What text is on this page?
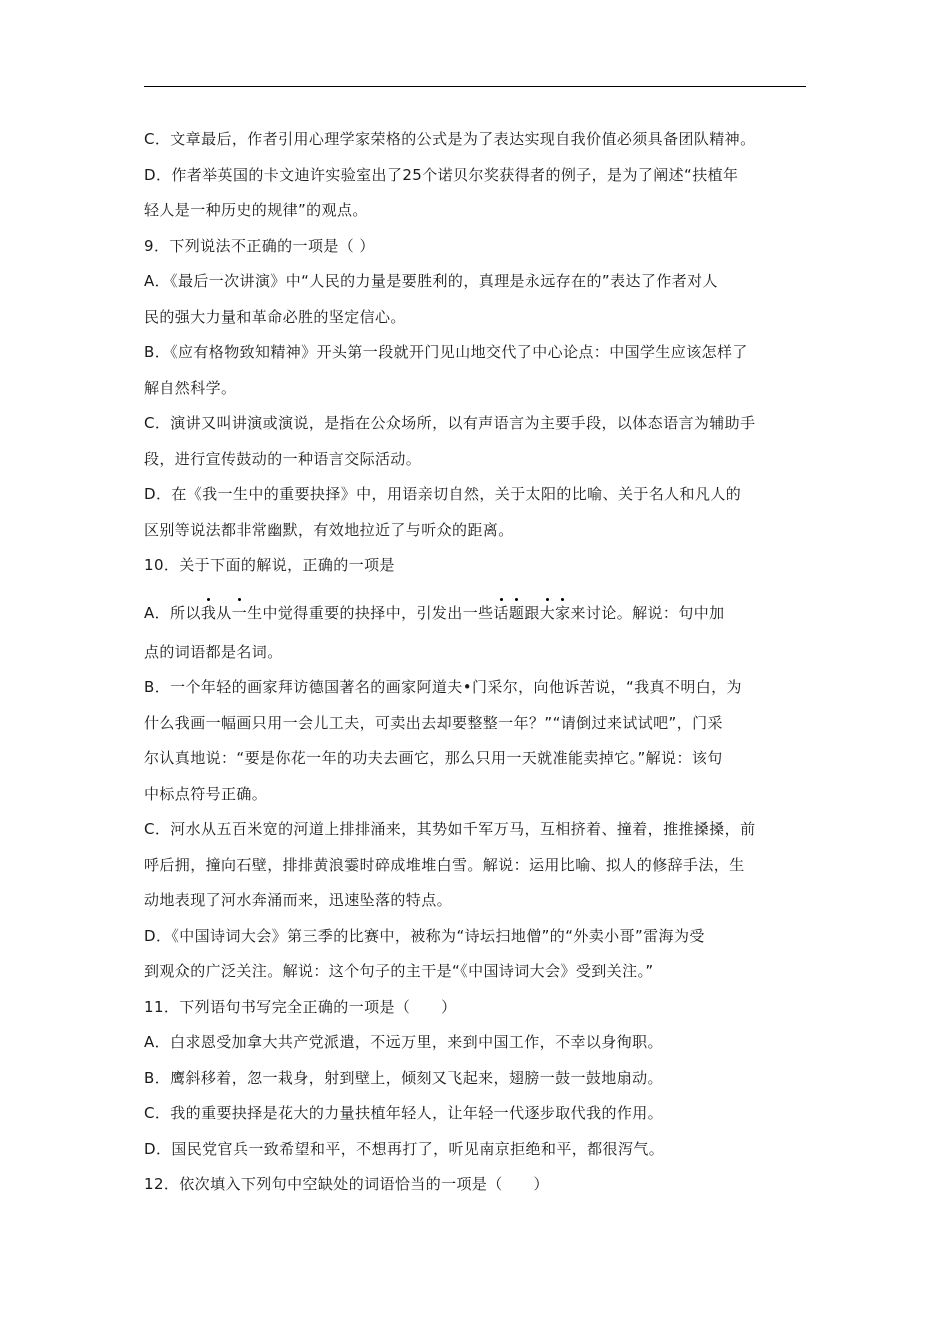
C．文章最后，作者引用心理学家荣格的公式是为了表达实现自我价值必须具备团队精神。
D．作者举英国的卡文迪许实验室出了25个诺贝尔奖获得者的例子，是为了阐述“扶植年
轻人是一种历史的规律”的观点。
9．下列说法不正确的一项是（ ）
A．《最后一次讲演》中“人民的力量是要胜利的，真理是永远存在的”表达了作者对人
民的强大力量和革命必胜的坚定信心。
B．《应有格物致知精神》开头第一段就开门见山地交代了中心论点：中国学生应该怎样了
解自然科学。
C．演讲又叫讲演或演说，是指在公众场所，以有声语言为主要手段，以体态语言为辅助手
段，进行宣传鼓动的一种语言交际活动。
D．在《我一生中的重要抉择》中，用语亲切自然，关于太阳的比喻、关于名人和凡人的
区别等说法都非常幽默，有效地拉近了与听众的距离。
10．关于下面的解说，正确的一项是
A．所以我从一生中觉得重要的抉择中，引发出一些话题跟大家来讨论。解说：句中加
点的词语都是名词。
B．一个年轻的画家拜访德国著名的画家阿道夫•门采尔，向他诉苦说，“我真不明白，为
什么我画一幅画只用一会儿工夫，可卖出去却要整整一年？”“请倒过来试试吧”，门采
尔认真地说：“要是你花一年的功夫去画它，那么只用一天就准能卖掉它。”解说：该句
中标点符号正确。
C．河水从五百米宽的河道上排排涌来，其势如千军万马，互相挤着、撞着，推推搡搡，前
呼后拥，撞向石壁，排排黄浪霎时碎成堆堆白雪。解说：运用比喻、拟人的修辞手法，生
动地表现了河水奔涌而来，迅速坠落的特点。
D．《中国诗词大会》第三季的比赛中，被称为“诗坛扫地僧”的“外卖小哥”雷海为受
到观众的广泛关注。解说：这个句子的主干是“《中国诗词大会》受到关注。”
11．下列语句书写完全正确的一项是（　　）
A．白求恩受加拿大共产党派遣，不远万里，来到中国工作，不幸以身徇职。
B．鹰斜移着，忽一栽身，射到壁上，倾刻又飞起来，翅膀一鼓一鼓地扇动。
C．我的重要抉择是花大的力量扶植年轻人，让年轻一代逐步取代我的作用。
D．国民党官兵一致希望和平，不想再打了，听见南京拒绝和平，都很泻气。
12．依次填入下列句中空缺处的词语恰当的一项是（　　）
